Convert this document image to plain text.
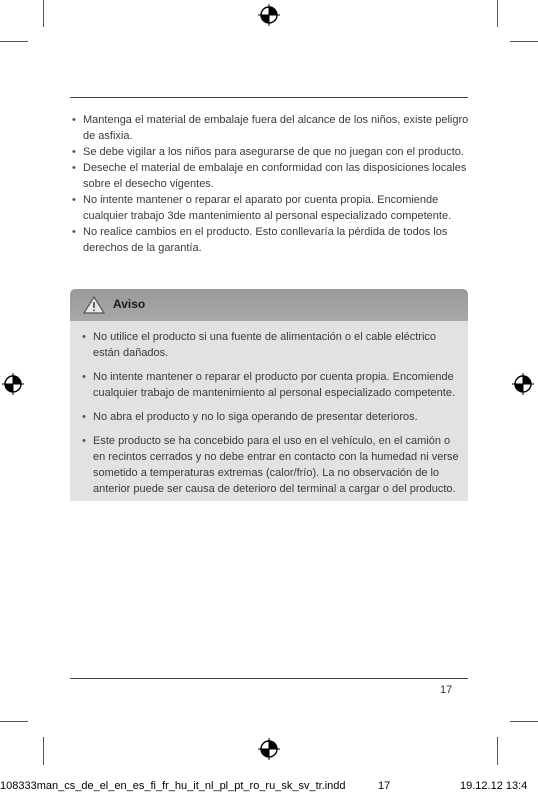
• Mantenga el material de embalaje fuera del alcance de los niños, existe peligro de asfixia.
• Se debe vigilar a los niños para asegurarse de que no juegan con el producto.
• Deseche el material de embalaje en conformidad con las disposiciones locales sobre el desecho vigentes.
• No intente mantener o reparar el aparato por cuenta propia. Encomiende cualquier trabajo 3de mantenimiento al personal especializado competente.
• No realice cambios en el producto. Esto conllevaría la pérdida de todos los derechos de la garantía.
Aviso
• No utilice el producto si una fuente de alimentación o el cable eléctrico están dañados.
• No intente mantener o reparar el producto por cuenta propia. Encomiende cualquier trabajo de mantenimiento al personal especializado competente.
• No abra el producto y no lo siga operando de presentar deterioros.
• Este producto se ha concebido para el uso en el vehículo, en el camión o en recintos cerrados y no debe entrar en contacto con la humedad ni verse sometido a temperaturas extremas (calor/frío). La no observación de lo anterior puede ser causa de deterioro del terminal a cargar o del producto.
17
108333man_cs_de_el_en_es_fi_fr_hu_it_nl_pl_pt_ro_ru_sk_sv_tr.indd	17	19.12.12 13:4
